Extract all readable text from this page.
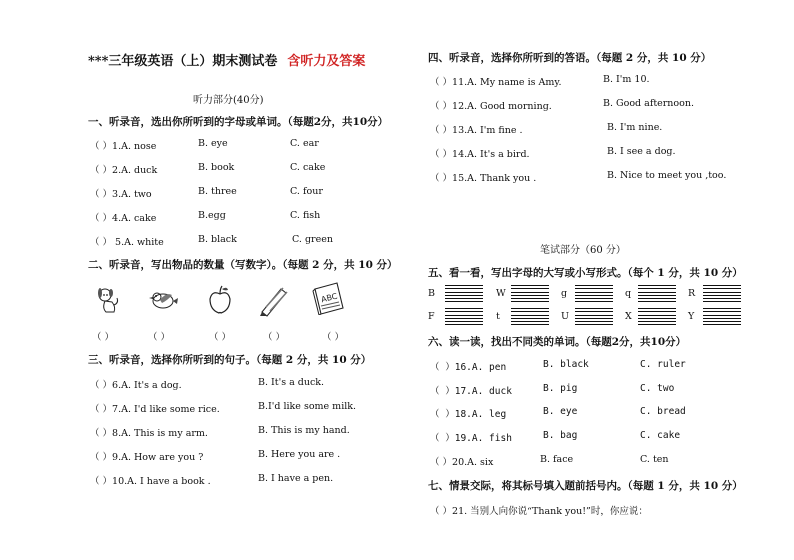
***三年级英语（上）期末测试卷 含听力及答案
听力部分(40分)
一、听录音，选出你所听到的字母或单词。（每题2分，共10分）
（ ）1.A. nose	B. eye	C. ear
（ ）2.A. duck	B. book	C. cake
（ ）3.A. two	B. three	C. four
（ ）4.A. cake	B.egg	C. fish
（ ） 5.A. white	B. black	C. green
二、听录音，写出物品的数量（写数字）。（每题 2 分，共 10 分）
ABC
（ ）	（ ）	（ ）	（ ）	（ ）
三、听录音，选择你所听到的句子。（每题 2 分，共 10 分）
（ ）6.A. It's a dog.	B. It's a duck.
（ ）7.A. I'd like some rice.	B.I'd like some milk.
（ ）8.A. This is my arm.	B. This is my hand.
（ ）9.A. How are you ?	B. Here you are .
（ ）10.A. I have a book .	B. I have a pen.
四、听录音，选择你所听到的答语。（每题 2 分，共 10 分）
（ ）11.A. My name is Amy.	B. I'm 10.
（ ）12.A. Good morning.	B. Good afternoon.
（ ）13.A. I'm fine .	B. I'm nine.
（ ）14.A. It's a bird.	B. I see a dog.
（ ）15.A. Thank you .	B. Nice to meet you ,too.
笔试部分（60 分）
五、看一看，写出字母的大写或小写形式。（每个 1 分，共 10 分）
B	W	g	q	R
F	t	U	X	Y
六、读一读，找出不同类的单词。（每题2分，共10分）
（ ）16.A. pen	B. black	C. ruler
（ ）17.A. duck	B. pig	C. two
（ ）18.A. leg	B. eye	C. bread
（ ）19.A. fish	B. bag	C. cake
（ ）20.A. six	B. face	C. ten
七、情景交际，将其标号填入题前括号内。（每题 1 分，共 10 分）
（ ）21. 当别人向你说“Thank you!”时，你应说：
